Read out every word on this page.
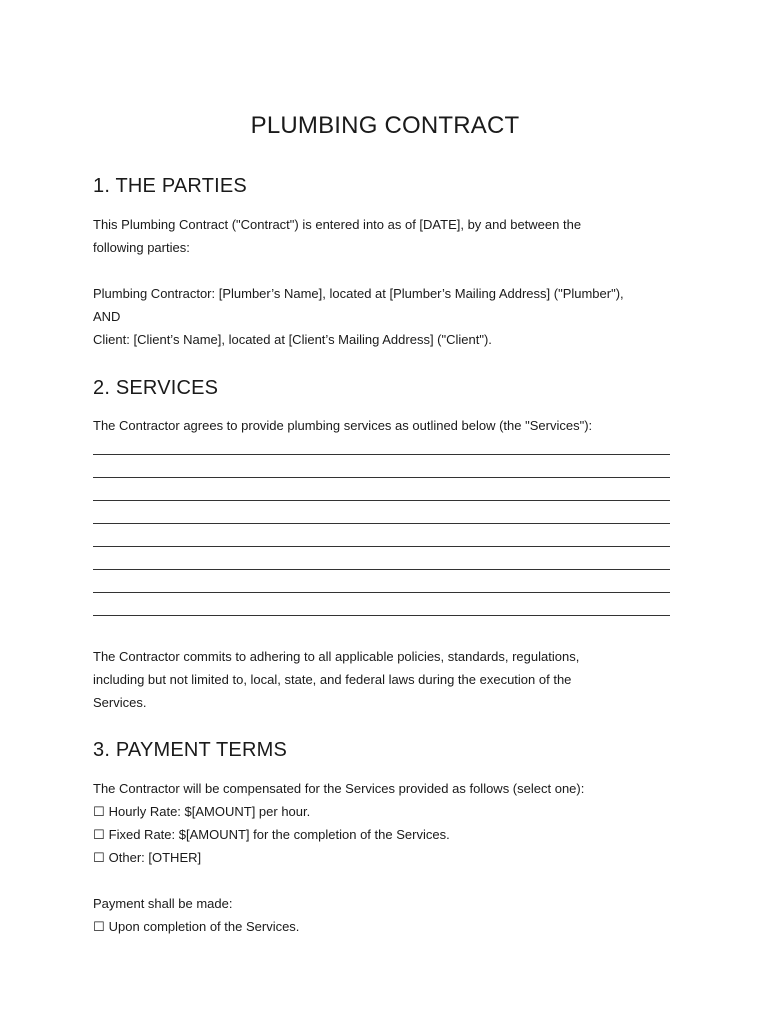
PLUMBING CONTRACT
1. THE PARTIES

This Plumbing Contract ("Contract") is entered into as of [DATE], by and between the
following parties:

Plumbing Contractor: [Plumber’s Name], located at [Plumber’s Mailing Address] ("Plumber"),
AND
Client: [Client’s Name], located at [Client’s Mailing Address] ("Client").

2. SERVICES

The Contractor agrees to provide plumbing services as outlined below (the "Services"):

The Contractor commits to adhering to all applicable policies, standards, regulations,
including but not limited to, local, state, and federal laws during the execution of the
Services.

3. PAYMENT TERMS

The Contractor will be compensated for the Services provided as follows (select one):
☐ Hourly Rate: $[AMOUNT] per hour.
☐ Fixed Rate: $[AMOUNT] for the completion of the Services.
☐ Other: [OTHER]

Payment shall be made:
☐ Upon completion of the Services.
